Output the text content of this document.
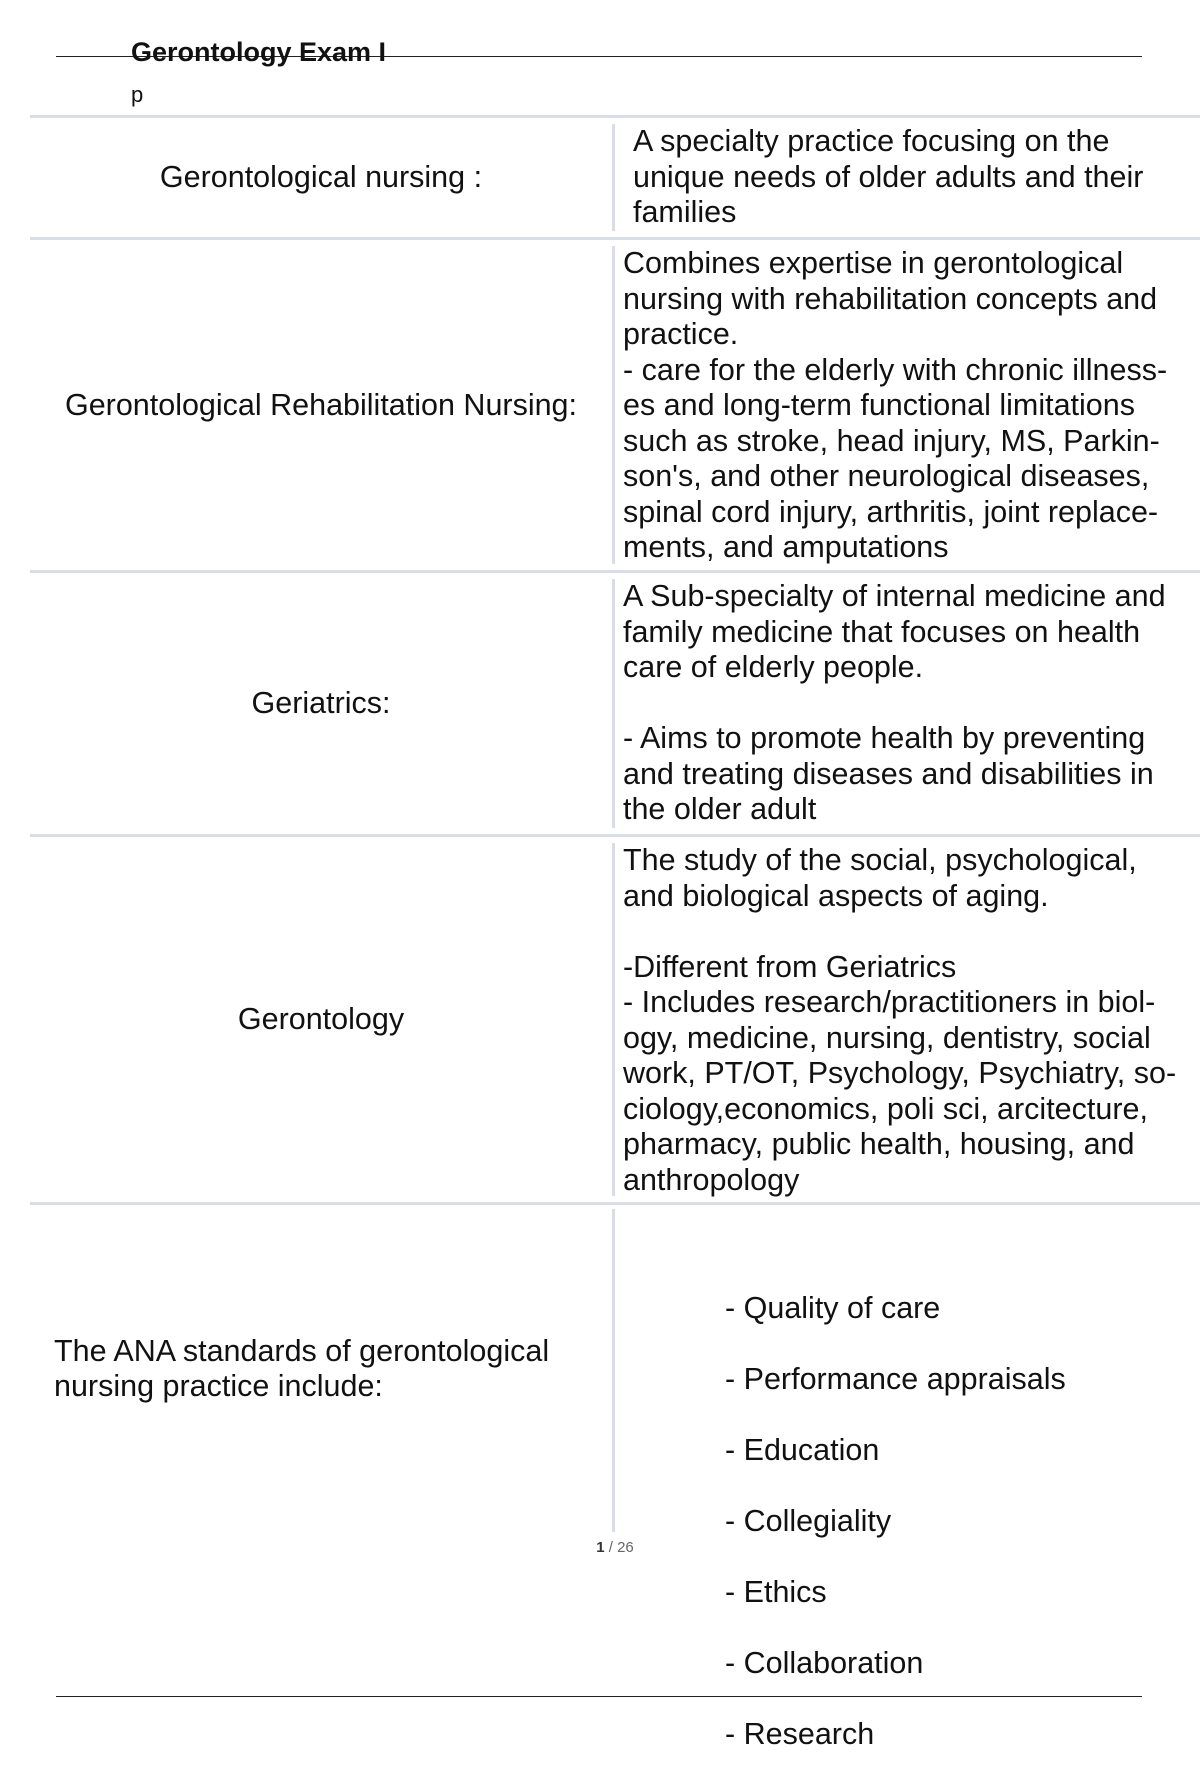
Gerontology Exam I
p
Gerontological nursing :
A specialty practice focusing on the
unique needs of older adults and their
families
Gerontological Rehabilitation Nursing:
Combines expertise in gerontological
nursing with rehabilitation concepts and
practice.
- care for the elderly with chronic illness-
es and long-term functional limitations
such as stroke, head injury, MS, Parkin-
son's, and other neurological diseases,
spinal cord injury, arthritis, joint replace-
ments, and amputations
Geriatrics:
A Sub-specialty of internal medicine and
family medicine that focuses on health
care of elderly people.

- Aims to promote health by preventing
and treating diseases and disabilities in
the older adult
Gerontology
The study of the social, psychological,
and biological aspects of aging.

-Different from Geriatrics
- Includes research/practitioners in biol-
ogy, medicine, nursing, dentistry, social
work, PT/OT, Psychology, Psychiatry, so-
ciology,economics, poli sci, arcitecture,
pharmacy, public health, housing, and
anthropology
The ANA standards of gerontological
nursing practice include:

- Quality of care

- Performance appraisals

- Education

- Collegiality

- Ethics

- Collaboration

- Research

1 / 26
